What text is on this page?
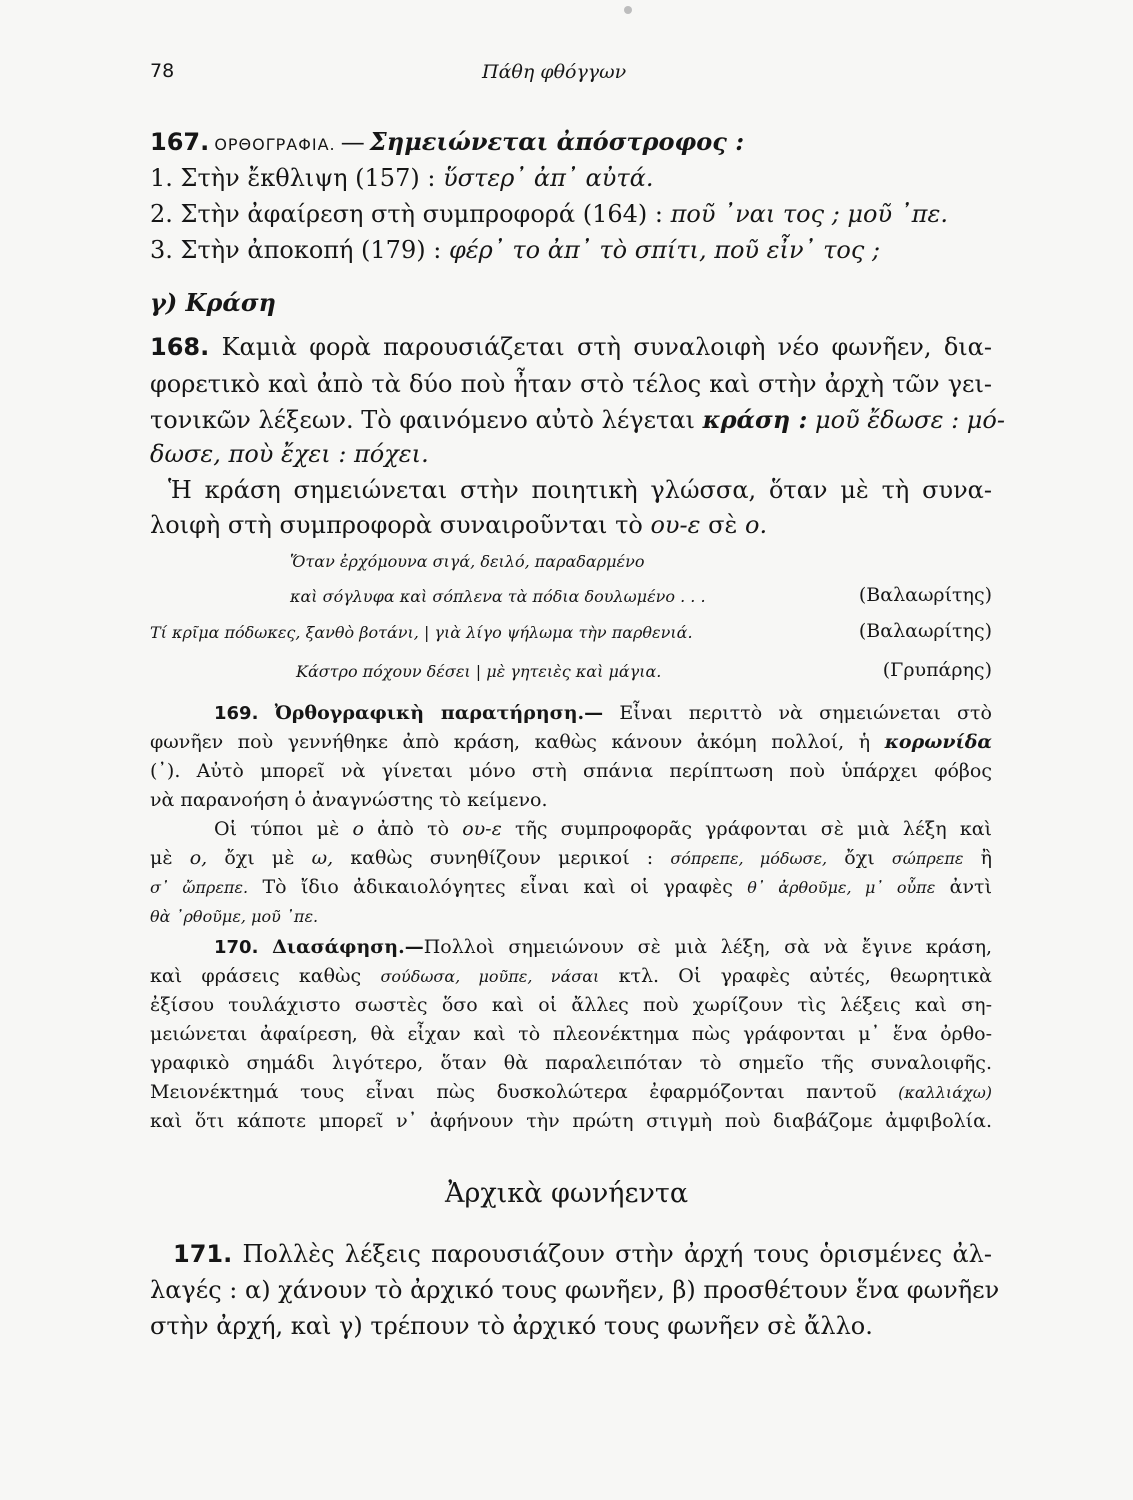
78	Πάθη φθόγγων
167. ΟΡΘΟΓΡΑΦΙΑ. — Σημειώνεται ἀπόστροφος :
1. Στὴν ἔκθλιψη (157) : ὕστερ᾽ ἀπ᾽ αὐτά.
2. Στὴν ἀφαίρεση στὴ συμπροφορά (164) : ποῦ ᾽ναι τος ; μοῦ ᾽πε.
3. Στὴν ἀποκοπή (179) : φέρ᾽ το ἀπ᾽ τὸ σπίτι, ποῦ εἶν᾽ τος ;
γ) Κράση
168. Καμιὰ φορὰ παρουσιάζεται στὴ συναλοιφὴ νέο φωνῆεν, δια-
φορετικὸ καὶ ἀπὸ τὰ δύο ποὺ ἦταν στὸ τέλος καὶ στὴν ἀρχὴ τῶν γει-
τονικῶν λέξεων. Τὸ φαινόμενο αὐτὸ λέγεται κράση : μοῦ ἔδωσε : μό-
δωσε, ποὺ ἔχει : πόχει.
Ἡ κράση σημειώνεται στὴν ποιητικὴ γλώσσα, ὅταν μὲ τὴ συνα-
λοιφὴ στὴ συμπροφορὰ συναιροῦνται τὸ ου-ε σὲ ο.
Ὅταν ἐρχόμουνα σιγά, δειλό, παραδαρμένο
καὶ σόγλυφα καὶ σόπλενα τὰ πόδια δουλωμένο . . .	(Βαλαωρίτης)
Τί κρῖμα πόδωκες, ξανθὸ βοτάνι, | γιὰ λίγο ψήλωμα τὴν παρθενιά.	(Βαλαωρίτης)
Κάστρο πόχουν δέσει | μὲ γητειὲς καὶ μάγια.	(Γρυπάρης)
169. Ὀρθογραφικὴ παρατήρηση.— Εἶναι περιττὸ νὰ σημειώνεται στὸ
φωνῆεν ποὺ γεννήθηκε ἀπὸ κράση, καθὼς κάνουν ἀκόμη πολλοί, ἡ κορωνίδα
(᾽). Αὐτὸ μπορεῖ νὰ γίνεται μόνο στὴ σπάνια περίπτωση ποὺ ὑπάρχει φόβος
νὰ παρανοήση ὁ ἀναγνώστης τὸ κείμενο.
Οἱ τύποι μὲ ο ἀπὸ τὸ ου-ε τῆς συμπροφορᾶς γράφονται σὲ μιὰ λέξη καὶ
μὲ ο, ὄχι μὲ ω, καθὼς συνηθίζουν μερικοί : σόπρεπε, μόδωσε, ὄχι σώπρεπε ἢ
σ᾽ ὤπρεπε. Τὸ ἴδιο ἀδικαιολόγητες εἶναι καὶ οἱ γραφὲς θ᾽ ἀρθοῦμε, μ᾽ οὖπε ἀντὶ
θὰ ᾽ρθοῦμε, μοῦ ᾽πε.
170. Διασάφηση.—Πολλοὶ σημειώνουν σὲ μιὰ λέξη, σὰ νὰ ἔγινε κράση,
καὶ φράσεις καθὼς σούδωσα, μοῦπε, νάσαι κτλ. Οἱ γραφὲς αὐτές, θεωρητικὰ
ἐξίσου τουλάχιστο σωστὲς ὅσο καὶ οἱ ἄλλες ποὺ χωρίζουν τὶς λέξεις καὶ ση-
μειώνεται ἀφαίρεση, θὰ εἶχαν καὶ τὸ πλεονέκτημα πὼς γράφονται μ᾽ ἕνα ὀρθο-
γραφικὸ σημάδι λιγότερο, ὅταν θὰ παραλειπόταν τὸ σημεῖο τῆς συναλοιφῆς.
Μειονέκτημά τους εἶναι πὼς δυσκολώτερα ἐφαρμόζονται παντοῦ (καλλιάχω)
καὶ ὅτι κάποτε μπορεῖ ν᾽ ἀφήνουν τὴν πρώτη στιγμὴ ποὺ διαβάζομε ἀμφιβολία.
Ἀρχικὰ φωνήεντα
171. Πολλὲς λέξεις παρουσιάζουν στὴν ἀρχή τους ὁρισμένες ἀλ-
λαγές : α) χάνουν τὸ ἀρχικό τους φωνῆεν, β) προσθέτουν ἕνα φωνῆεν
στὴν ἀρχή, καὶ γ) τρέπουν τὸ ἀρχικό τους φωνῆεν σὲ ἄλλο.
